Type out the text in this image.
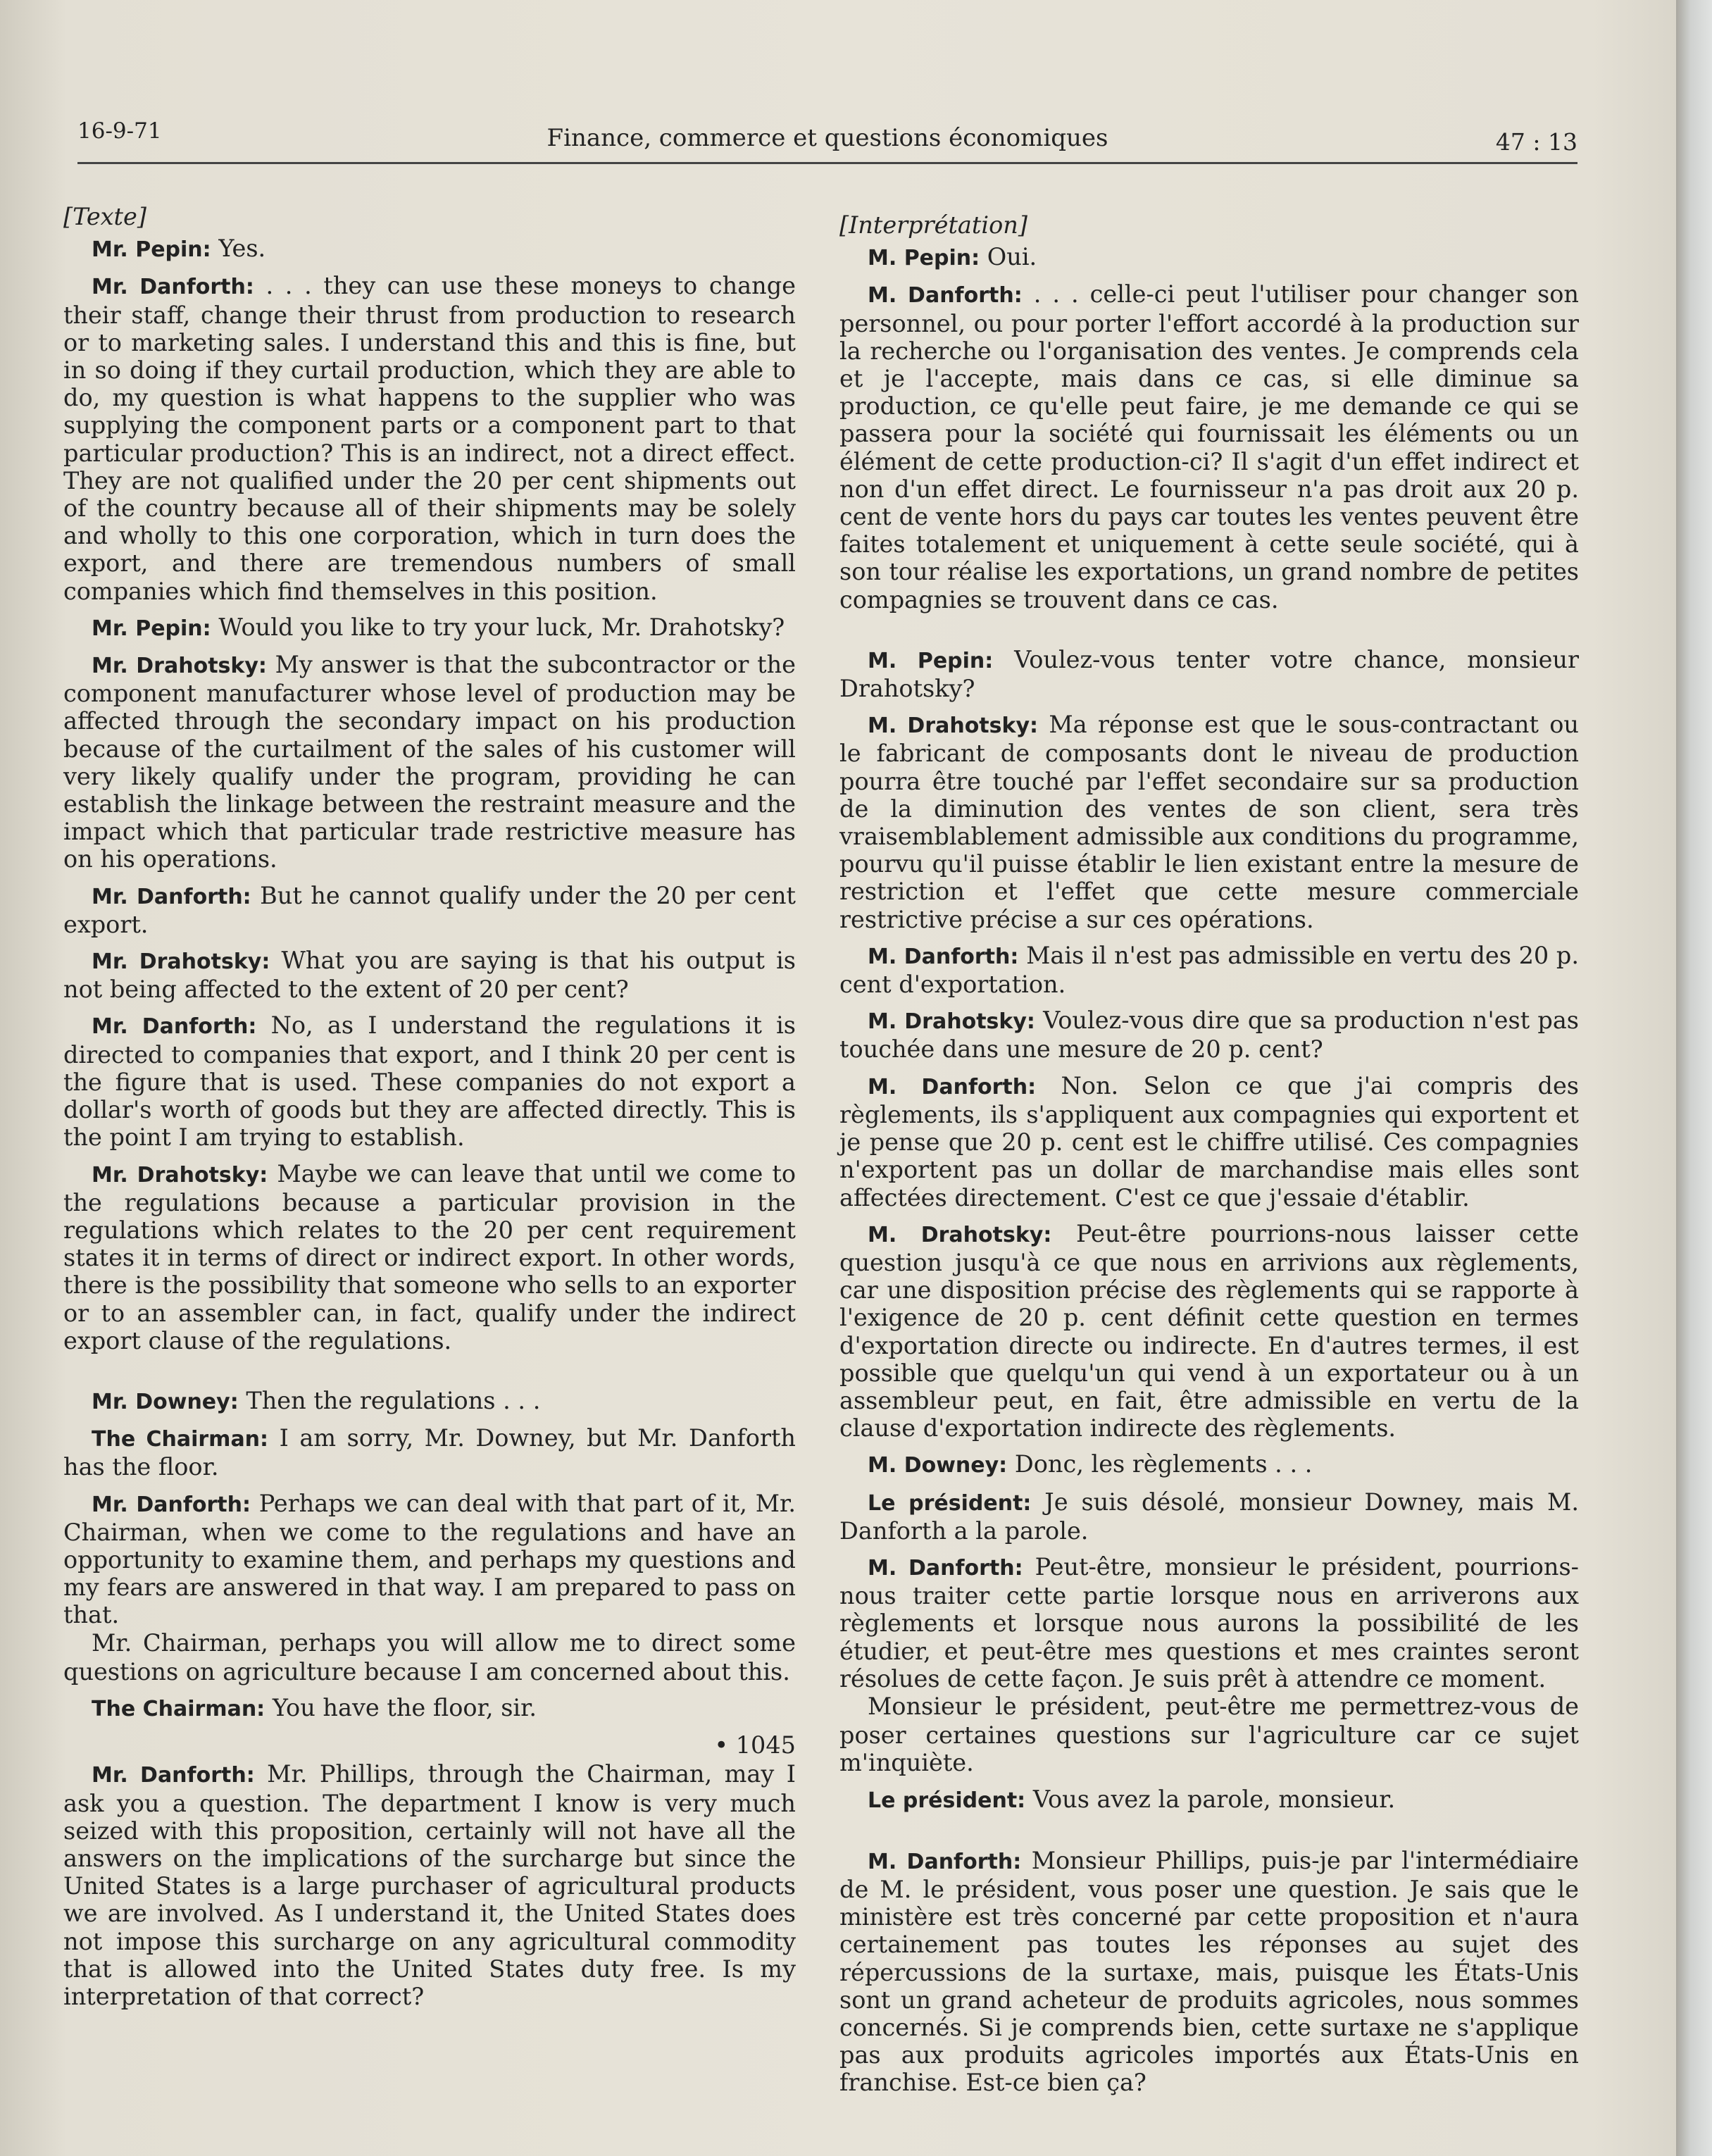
16-9-71	Finance, commerce et questions économiques	47 : 13

[Texte]

Mr. Pepin: Yes.

Mr. Danforth: . . . they can use these moneys to change their staff, change their thrust from production to research or to marketing sales. I understand this and this is fine, but in so doing if they curtail production, which they are able to do, my question is what happens to the supplier who was supplying the component parts or a component part to that particular production? This is an indirect, not a direct effect. They are not qualified under the 20 per cent shipments out of the country because all of their shipments may be solely and wholly to this one corporation, which in turn does the export, and there are tremendous numbers of small companies which find themselves in this position.

Mr. Pepin: Would you like to try your luck, Mr. Drahotsky?

Mr. Drahotsky: My answer is that the subcontractor or the component manufacturer whose level of production may be affected through the secondary impact on his production because of the curtailment of the sales of his customer will very likely qualify under the program, providing he can establish the linkage between the restraint measure and the impact which that particular trade restrictive measure has on his operations.

Mr. Danforth: But he cannot qualify under the 20 per cent export.

Mr. Drahotsky: What you are saying is that his output is not being affected to the extent of 20 per cent?

Mr. Danforth: No, as I understand the regulations it is directed to companies that export, and I think 20 per cent is the figure that is used. These companies do not export a dollar's worth of goods but they are affected directly. This is the point I am trying to establish.

Mr. Drahotsky: Maybe we can leave that until we come to the regulations because a particular provision in the regulations which relates to the 20 per cent requirement states it in terms of direct or indirect export. In other words, there is the possibility that someone who sells to an exporter or to an assembler can, in fact, qualify under the indirect export clause of the regulations.

Mr. Downey: Then the regulations . . .

The Chairman: I am sorry, Mr. Downey, but Mr. Danforth has the floor.

Mr. Danforth: Perhaps we can deal with that part of it, Mr. Chairman, when we come to the regulations and have an opportunity to examine them, and perhaps my questions and my fears are answered in that way. I am prepared to pass on that.

Mr. Chairman, perhaps you will allow me to direct some questions on agriculture because I am concerned about this.

The Chairman: You have the floor, sir.

• 1045

Mr. Danforth: Mr. Phillips, through the Chairman, may I ask you a question. The department I know is very much seized with this proposition, certainly will not have all the answers on the implications of the surcharge but since the United States is a large purchaser of agricultural products we are involved. As I understand it, the United States does not impose this surcharge on any agricultural commodity that is allowed into the United States duty free. Is my interpretation of that correct?

[Interprétation]

M. Pepin: Oui.

M. Danforth: . . . celle-ci peut l'utiliser pour changer son personnel, ou pour porter l'effort accordé à la production sur la recherche ou l'organisation des ventes. Je comprends cela et je l'accepte, mais dans ce cas, si elle diminue sa production, ce qu'elle peut faire, je me demande ce qui se passera pour la société qui fournissait les éléments ou un élément de cette production-ci? Il s'agit d'un effet indirect et non d'un effet direct. Le fournisseur n'a pas droit aux 20 p. cent de vente hors du pays car toutes les ventes peuvent être faites totalement et uniquement à cette seule société, qui à son tour réalise les exportations, un grand nombre de petites compagnies se trouvent dans ce cas.

M. Pepin: Voulez-vous tenter votre chance, monsieur Drahotsky?

M. Drahotsky: Ma réponse est que le sous-contractant ou le fabricant de composants dont le niveau de production pourra être touché par l'effet secondaire sur sa production de la diminution des ventes de son client, sera très vraisemblablement admissible aux conditions du programme, pourvu qu'il puisse établir le lien existant entre la mesure de restriction et l'effet que cette mesure commerciale restrictive précise a sur ces opérations.

M. Danforth: Mais il n'est pas admissible en vertu des 20 p. cent d'exportation.

M. Drahotsky: Voulez-vous dire que sa production n'est pas touchée dans une mesure de 20 p. cent?

M. Danforth: Non. Selon ce que j'ai compris des règlements, ils s'appliquent aux compagnies qui exportent et je pense que 20 p. cent est le chiffre utilisé. Ces compagnies n'exportent pas un dollar de marchandise mais elles sont affectées directement. C'est ce que j'essaie d'établir.

M. Drahotsky: Peut-être pourrions-nous laisser cette question jusqu'à ce que nous en arrivions aux règlements, car une disposition précise des règlements qui se rapporte à l'exigence de 20 p. cent définit cette question en termes d'exportation directe ou indirecte. En d'autres termes, il est possible que quelqu'un qui vend à un exportateur ou à un assembleur peut, en fait, être admissible en vertu de la clause d'exportation indirecte des règlements.

M. Downey: Donc, les règlements . . .

Le président: Je suis désolé, monsieur Downey, mais M. Danforth a la parole.

M. Danforth: Peut-être, monsieur le président, pourrions-nous traiter cette partie lorsque nous en arriverons aux règlements et lorsque nous aurons la possibilité de les étudier, et peut-être mes questions et mes craintes seront résolues de cette façon. Je suis prêt à attendre ce moment.

Monsieur le président, peut-être me permettrez-vous de poser certaines questions sur l'agriculture car ce sujet m'inquiète.

Le président: Vous avez la parole, monsieur.

M. Danforth: Monsieur Phillips, puis-je par l'intermédiaire de M. le président, vous poser une question. Je sais que le ministère est très concerné par cette proposition et n'aura certainement pas toutes les réponses au sujet des répercussions de la surtaxe, mais, puisque les États-Unis sont un grand acheteur de produits agricoles, nous sommes concernés. Si je comprends bien, cette surtaxe ne s'applique pas aux produits agricoles importés aux États-Unis en franchise. Est-ce bien ça?
